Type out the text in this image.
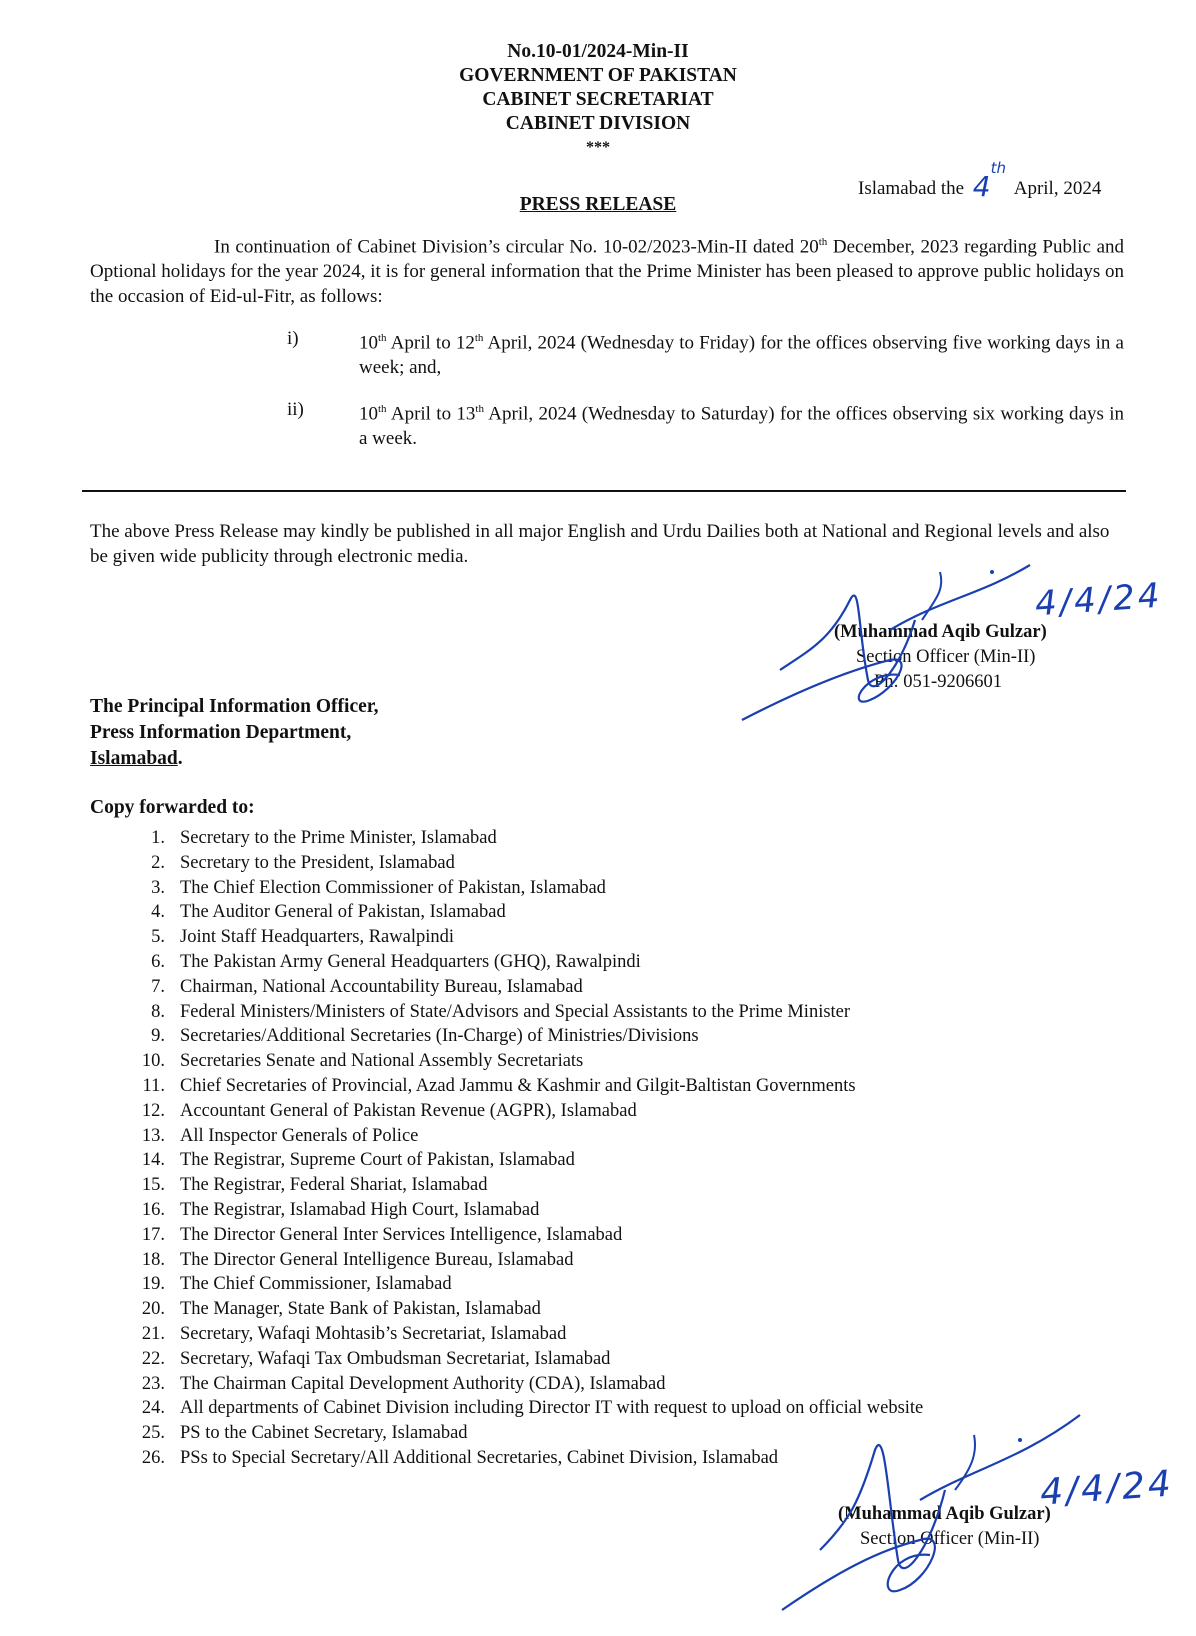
No.10-01/2024-Min-II
GOVERNMENT OF PAKISTAN
CABINET SECRETARIAT
CABINET DIVISION
***
Islamabad the 4th April, 2024
PRESS RELEASE
In continuation of Cabinet Division’s circular No. 10-02/2023-Min-II dated 20th December, 2023 regarding Public and Optional holidays for the year 2024, it is for general information that the Prime Minister has been pleased to approve public holidays on the occasion of Eid-ul-Fitr, as follows:
i)	10th April to 12th April, 2024 (Wednesday to Friday) for the offices observing five working days in a week; and,
ii)	10th April to 13th April, 2024 (Wednesday to Saturday) for the offices observing six working days in a week.
The above Press Release may kindly be published in all major English and Urdu Dailies both at National and Regional levels and also be given wide publicity through electronic media.
(Muhammad Aqib Gulzar)
Section Officer (Min-II)
Ph: 051-9206601
4/4/24
The Principal Information Officer,
Press Information Department,
Islamabad.
Copy forwarded to:
1. Secretary to the Prime Minister, Islamabad
2. Secretary to the President, Islamabad
3. The Chief Election Commissioner of Pakistan, Islamabad
4. The Auditor General of Pakistan, Islamabad
5. Joint Staff Headquarters, Rawalpindi
6. The Pakistan Army General Headquarters (GHQ), Rawalpindi
7. Chairman, National Accountability Bureau, Islamabad
8. Federal Ministers/Ministers of State/Advisors and Special Assistants to the Prime Minister
9. Secretaries/Additional Secretaries (In-Charge) of Ministries/Divisions
10. Secretaries Senate and National Assembly Secretariats
11. Chief Secretaries of Provincial, Azad Jammu & Kashmir and Gilgit-Baltistan Governments
12. Accountant General of Pakistan Revenue (AGPR), Islamabad
13. All Inspector Generals of Police
14. The Registrar, Supreme Court of Pakistan, Islamabad
15. The Registrar, Federal Shariat, Islamabad
16. The Registrar, Islamabad High Court, Islamabad
17. The Director General Inter Services Intelligence, Islamabad
18. The Director General Intelligence Bureau, Islamabad
19. The Chief Commissioner, Islamabad
20. The Manager, State Bank of Pakistan, Islamabad
21. Secretary, Wafaqi Mohtasib’s Secretariat, Islamabad
22. Secretary, Wafaqi Tax Ombudsman Secretariat, Islamabad
23. The Chairman Capital Development Authority (CDA), Islamabad
24. All departments of Cabinet Division including Director IT with request to upload on official website
25. PS to the Cabinet Secretary, Islamabad
26. PSs to Special Secretary/All Additional Secretaries, Cabinet Division, Islamabad
(Muhammad Aqib Gulzar)
Section Officer (Min-II)
4/4/24
